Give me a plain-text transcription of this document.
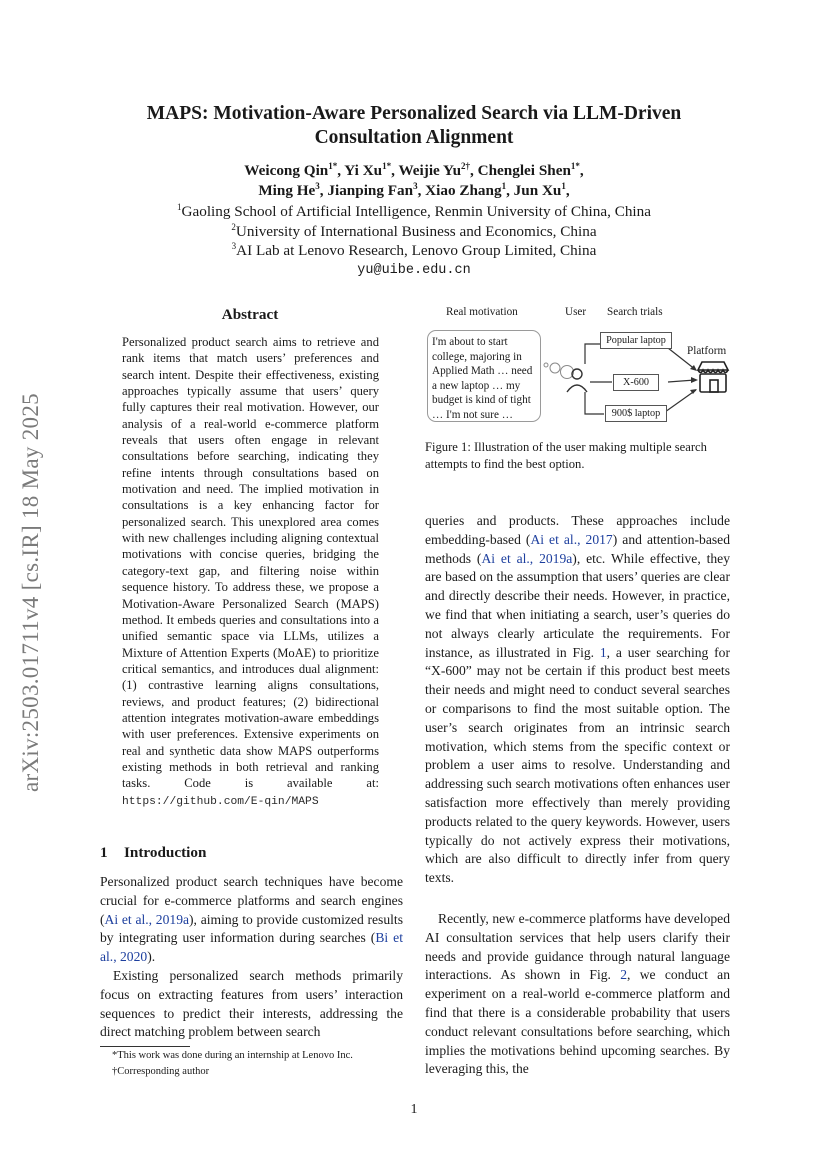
arXiv:2503.01711v4 [cs.IR] 18 May 2025
MAPS: Motivation-Aware Personalized Search via LLM-Driven
Consultation Alignment
Weicong Qin$^{1*}$, Yi $Xu^{1*}$, Weijie $Yu^{2\dagger}$, Chenglei Shen$^{1*}$,
Ming He$^3$, Jianping Fan$^3$, Xiao Zhang$^1$, Jun Xu$^1$,
$^1$Gaoling School of Artificial Intelligence, Renmin University of China, China
$^2$University of International Business and Economics, China
$^3$AI Lab at Lenovo Research, Lenovo Group Limited, China
yu@uibe.edu.cn
Abstract
Personalized product search aims to retrieve and rank items that match users’ preferences and search intent. Despite their effectiveness, existing approaches typically assume that users’ query fully captures their real motivation. However, our analysis of a real-world e-commerce platform reveals that users often engage in relevant consultations before searching, indicating they refine intents through consultations based on motivation and need. The implied motivation in consultations is a key enhancing factor for personalized search. This unexplored area comes with new challenges including aligning contextual motivations with concise queries, bridging the category-text gap, and filtering noise within sequence history. To address these, we propose a Motivation-Aware Personalized Search (MAPS) method. It embeds queries and consultations into a unified semantic space via LLMs, utilizes a Mixture of Attention Experts (MoAE) to prioritize critical semantics, and introduces dual alignment: (1) contrastive learning aligns consultations, reviews, and product features; (2) bidirectional attention integrates motivation-aware embeddings with user preferences. Extensive experiments on real and synthetic data show MAPS outperforms existing methods in both retrieval and ranking tasks. Code is available at: https://github.com/E-qin/MAPS
1 Introduction
Personalized product search techniques have become crucial for e-commerce platforms and search engines (Ai et al., 2019a), aiming to provide customized results by integrating user information during searches (Bi et al., 2020).
Existing personalized search methods primarily focus on extracting features from users’ interaction sequences to predict their interests, addressing the direct matching problem between search
*This work was done during an internship at Lenovo Inc.
†Corresponding author
Real motivation	User Search trials
I'm about to start
college, majoring in
Applied Math … need
a new laptop … my
budget is kind of tight
… I'm not sure …
Popular laptop
X-600
900$ laptop
Platform
Figure 1: Illustration of the user making multiple search attempts to find the best option.
queries and products. These approaches include embedding-based (Ai et al., 2017) and attention-based methods (Ai et al., 2019a), etc. While effective, they are based on the assumption that users’ queries are clear and directly describe their needs. However, in practice, we find that when initiating a search, user’s queries do not always clearly articulate the requirements. For instance, as illustrated in Fig. 1, a user searching for “X-600” may not be certain if this product best meets their needs and might need to conduct several searches or comparisons to find the most suitable option. The user’s search originates from an intrinsic search motivation, which stems from the specific context or problem a user aims to resolve. Understanding and addressing such search motivations often enhances user satisfaction more effectively than merely providing products related to the query keywords. However, users typically do not actively express their motivations, which are also difficult to directly infer from query texts.
Recently, new e-commerce platforms have developed AI consultation services that help users clarify their needs and provide guidance through natural language interactions. As shown in Fig. 2, we conduct an experiment on a real-world e-commerce platform and find that there is a considerable probability that users conduct relevant consultations before searching, which implies the motivations behind upcoming searches. By leveraging this, the
1
